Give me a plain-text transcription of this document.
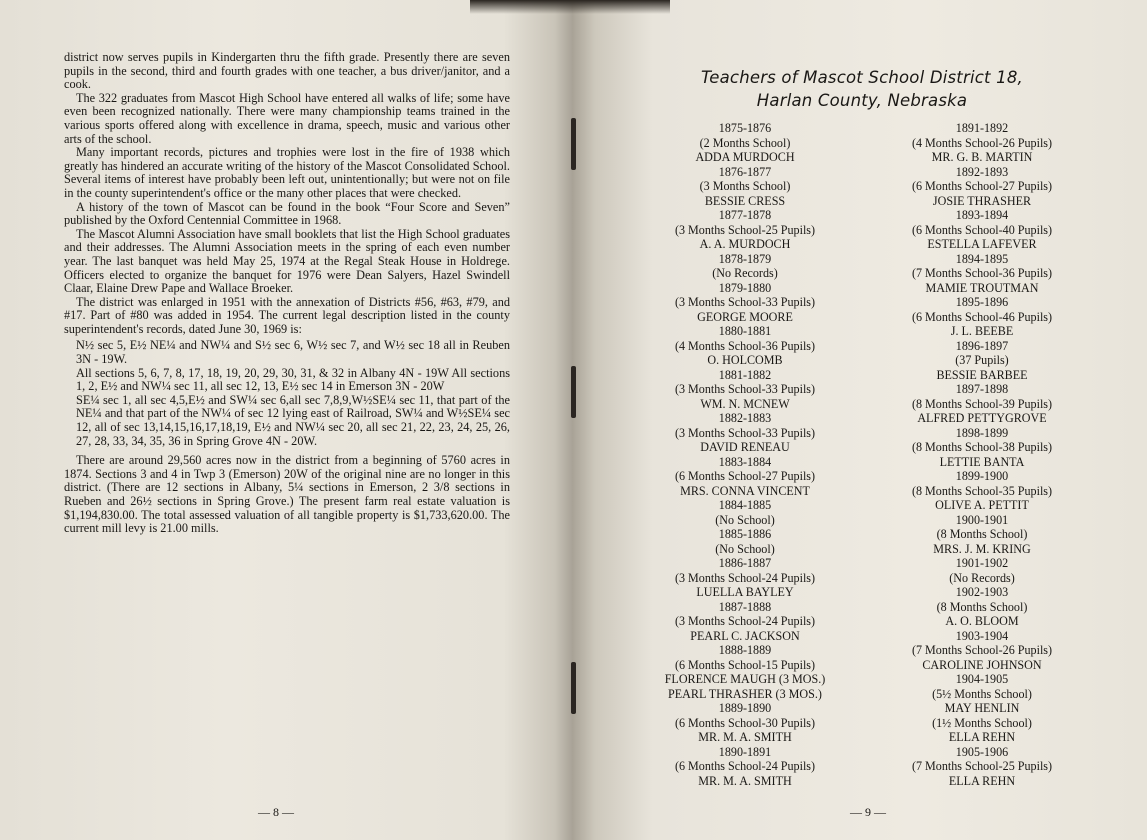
district now serves pupils in Kindergarten thru the fifth grade. Presently there are seven pupils in the second, third and fourth grades with one teacher, a bus driver/janitor, and a cook.

The 322 graduates from Mascot High School have entered all walks of life; some have even been recognized nationally. There were many championship teams trained in the various sports offered along with excellence in drama, speech, music and various other arts of the school.

Many important records, pictures and trophies were lost in the fire of 1938 which greatly has hindered an accurate writing of the history of the Mascot Consolidated School. Several items of interest have probably been left out, unintentionally; but were not on file in the county superintendent's office or the many other places that were checked.

A history of the town of Mascot can be found in the book “Four Score and Seven” published by the Oxford Centennial Committee in 1968.

The Mascot Alumni Association have small booklets that list the High School graduates and their addresses. The Alumni Association meets in the spring of each even number year. The last banquet was held May 25, 1974 at the Regal Steak House in Holdrege. Officers elected to organize the banquet for 1976 were Dean Salyers, Hazel Swindell Claar, Elaine Drew Pape and Wallace Broeker.

The district was enlarged in 1951 with the annexation of Districts #56, #63, #79, and #17. Part of #80 was added in 1954. The current legal description listed in the county superintendent's records, dated June 30, 1969 is:

N½ sec 5, E½ NE¼ and NW¼ and S½ sec 6, W½ sec 7, and W½ sec 18 all in Reuben 3N - 19W.
All sections 5, 6, 7, 8, 17, 18, 19, 20, 29, 30, 31, & 32 in Albany 4N - 19W All sections 1, 2, E½ and NW¼ sec 11, all sec 12, 13, E½ sec 14 in Emerson 3N - 20W
SE¼ sec 1, all sec 4,5,E½ and SW¼ sec 6,all sec 7,8,9,W½SE¼ sec 11, that part of the NE¼ and that part of the NW¼ of sec 12 lying east of Railroad, SW¼ and W½SE¼ sec 12, all of sec 13,14,15,16,17,18,19, E½ and NW¼ sec 20, all sec 21, 22, 23, 24, 25, 26, 27, 28, 33, 34, 35, 36 in Spring Grove 4N - 20W.

There are around 29,560 acres now in the district from a beginning of 5760 acres in 1874. Sections 3 and 4 in Twp 3 (Emerson) 20W of the original nine are no longer in this district. (There are 12 sections in Albany, 5¼ sections in Emerson, 2 3/8 sections in Rueben and 26½ sections in Spring Grove.) The present farm real estate valuation is $1,194,830.00. The total assessed valuation of all tangible property is $1,733,620.00. The current mill levy is 21.00 mills.

— 8 —
Teachers of Mascot School District 18,
Harlan County, Nebraska
1875-1876
(2 Months School)
ADDA MURDOCH
1876-1877
(3 Months School)
BESSIE CRESS
1877-1878
(3 Months School-25 Pupils)
A. A. MURDOCH
1878-1879
(No Records)
1879-1880
(3 Months School-33 Pupils)
GEORGE MOORE
1880-1881
(4 Months School-36 Pupils)
O. HOLCOMB
1881-1882
(3 Months School-33 Pupils)
WM. N. MCNEW
1882-1883
(3 Months School-33 Pupils)
DAVID RENEAU
1883-1884
(6 Months School-27 Pupils)
MRS. CONNA VINCENT
1884-1885
(No School)
1885-1886
(No School)
1886-1887
(3 Months School-24 Pupils)
LUELLA BAYLEY
1887-1888
(3 Months School-24 Pupils)
PEARL C. JACKSON
1888-1889
(6 Months School-15 Pupils)
FLORENCE MAUGH (3 MOS.)
PEARL THRASHER (3 MOS.)
1889-1890
(6 Months School-30 Pupils)
MR. M. A. SMITH
1890-1891
(6 Months School-24 Pupils)
MR. M. A. SMITH
1891-1892
(4 Months School-26 Pupils)
MR. G. B. MARTIN
1892-1893
(6 Months School-27 Pupils)
JOSIE THRASHER
1893-1894
(6 Months School-40 Pupils)
ESTELLA LAFEVER
1894-1895
(7 Months School-36 Pupils)
MAMIE TROUTMAN
1895-1896
(6 Months School-46 Pupils)
J. L. BEEBE
1896-1897
(37 Pupils)
BESSIE BARBEE
1897-1898
(8 Months School-39 Pupils)
ALFRED PETTYGROVE
1898-1899
(8 Months School-38 Pupils)
LETTIE BANTA
1899-1900
(8 Months School-35 Pupils)
OLIVE A. PETTIT
1900-1901
(8 Months School)
MRS. J. M. KRING
1901-1902
(No Records)
1902-1903
(8 Months School)
A. O. BLOOM
1903-1904
(7 Months School-26 Pupils)
CAROLINE JOHNSON
1904-1905
(5½ Months School)
MAY HENLIN
(1½ Months School)
ELLA REHN
1905-1906
(7 Months School-25 Pupils)
ELLA REHN
— 9 —
